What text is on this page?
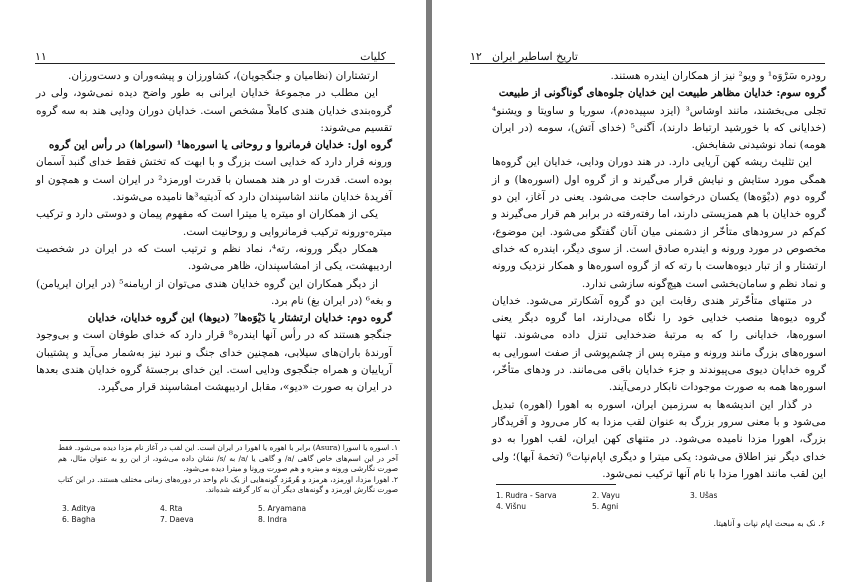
کلیات
۱۱

ارتشتاران (نظامیان و جنگجویان)، کشاورزان و پیشه‌وران و دست‌ورزان.

این مطلب در مجموعهٔ خدایان ایرانی به طور واضح دیده نمی‌شود، ولی در گروه‌بندی خدایان هندی کاملاً مشخص است. خدایان دوران ودایی هند به سه گروه تقسیم می‌شوند:

گروه اول: خدایان فرمانروا و روحانی یا اسوره‌ها¹ (اسوراها) در رأس این گروه

ورونه قرار دارد که خدایی است بزرگ و با ابهت که تختش فقط خدای گنبد آسمان بوده است. قدرت او در هند همسان با قدرت اورمزد² در ایران است و همچون او آفریدهٔ خدایان مانند اشاسپندان دارد که آدیتیه³ها نامیده می‌شوند.

یکی از همکاران او میتره یا میترا است که مفهوم پیمان و دوستی دارد و ترکیب میتره-ورونه ترکیب فرمانروایی و روحانیت است.

همکار دیگر ورونه، رته⁴، نماد نظم و ترتیب است که در ایران در شخصیت اردیبهشت، یکی از امشاسپندان، ظاهر می‌شود.

از دیگر همکاران این گروه خدایان هندی می‌توان از اریامنه⁵ (در ایران ایریامن) و بغه⁶ (در ایران بغ) نام برد.

گروه دوم: خدایان ارتشتار یا دَیْوَه‌ها⁷ (دیوها) این گروه خدایان، خدایان

جنگجو هستند که در رأس آنها ایندره⁸ قرار دارد که خدای طوفان است و بی‌وجود آورندهٔ باران‌های سیلابی، همچنین خدای جنگ و نبرد نیز به‌شمار می‌آید و پشتیبان آریاییان و همراه جنگجوی ودایی است. این خدای برجستهٔ گروه خدایان هندی بعدها در ایران به صورت «دیو»، مقابل اردیبهشت امشاسپند قرار می‌گیرد.

۱. اسوره یا اسورا (Asura) برابر با اهوره یا اهورا در ایران است. این لقب در آغاز نام مزدا دیده می‌شود. فقط آخر در این اسم‌های خاص گاهی /a/ و گاهی یا /a/ به /s/ نشان داده می‌شود، از این رو به عنوان مثال، هم صورت نگارشی ورونه و میتره و هم صورت ورونا و میترا دیده می‌شود.

۲. اهورا مزدا، اورمزد، هرمزد و هُرمُزد گونه‌هایی از یک نام واحد در دوره‌های زمانی مختلف هستند. در این کتاب صورت نگارش اورمزد و گونه‌های دیگر آن به کار گرفته شده‌اند.

3. Aditya	4. Rta	5. Aryamana
6. Bagha	7. Daeva	8. Indra
۱۲ تاریخ اساطیر ایران

رودره سَرْوَه¹ و ویو² نیز از همکاران ایندره هستند.

گروه سوم: خدایان مظاهر طبیعت این خدایان جلوه‌های گوناگونی از طبیعت

تجلی می‌بخشند، مانند اوشاس³ (ایزد سپیده‌دم)، سوریا و ساویتا و ویشنو⁴ (خدایانی که با خورشید ارتباط دارند)، اَگنی⁵ (خدای آتش)، سومه (در ایران هومه) نماد نوشیدنی شفابخش.

این تثلیث ریشه کهن آریایی دارد. در هند دوران ودایی، خدایان این گروه‌ها همگی مورد ستایش و نیایش قرار می‌گیرند و از گروه اول (اسوره‌ها) و از گروه دوم (دیْوَه‌ها) یکسان درخواست حاجت می‌شود. یعنی در آغاز، این دو گروه خدایان با هم همزیستی دارند، اما رفته‌رفته در برابر هم قرار می‌گیرند و کم‌کم در سرودهای متأخّر از دشمنی میان آنان گفتگو می‌شود. این موضوع، مخصوص در مورد ورونه و ایندره صادق است. از سوی دیگر، ایندره که خدای ارتشتار و از تبار دیوه‌هاست با رته که از گروه اسوره‌ها و همکار نزدیک ورونه و نماد نظم و سامان‌بخشی است هیچ‌گونه سازشی ندارد.

در متنهای متأخّرتر هندی رقابت این دو گروه آشکارتر می‌شود. خدایان گروه دیوه‌ها منصب خدایی خود را نگاه می‌دارند، اما گروه دیگر یعنی اسوره‌ها، خدایانی را که به مرتبهٔ ضدخدایی تنزل داده می‌شوند. تنها اسوره‌های بزرگ مانند ورونه و میتره پس از چشم‌پوشی از صفت اسورایی به گروه خدایان دیوی می‌پیوندند و جزء خدایان باقی می‌مانند. در ودهای متأخّر، اسوره‌ها همه به صورت موجودات نابکار درمی‌آیند.

در گذار این اندیشه‌ها به سرزمین ایران، اسوره به اهورا (اهوره) تبدیل می‌شود و با معنی سرور بزرگ به عنوان لقب مزدا به کار می‌رود و آفریدگار بزرگ، اهورا مزدا نامیده می‌شود. در متنهای کهن ایران، لقب اهورا به دو خدای دیگر نیز اطلاق می‌شود: یکی میترا و دیگری اپام‌نپات⁶ (تخمهٔ آبها)؛ ولی این لقب مانند اهورا مزدا با نام آنها ترکیب نمی‌شود.

1. Rudra - Sarva	2. Vayu	3. Ušas
4. Višnu	5. Agni
۶. نک به مبحث اپام نپات و آناهیتا.
